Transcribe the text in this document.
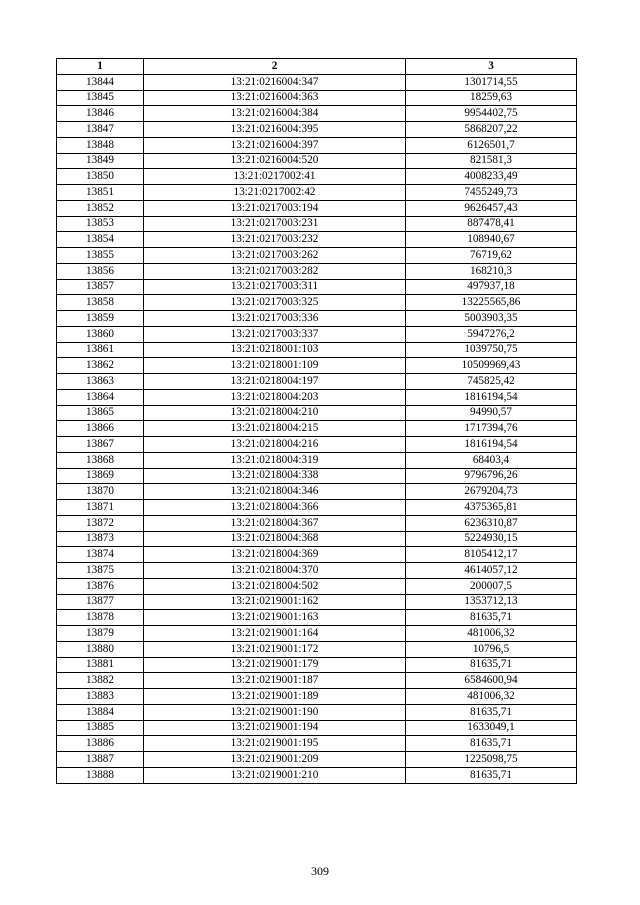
1	2	3
13844	13:21:0216004:347	1301714,55
13845	13:21:0216004:363	18259,63
13846	13:21:0216004:384	9954402,75
13847	13:21:0216004:395	5868207,22
13848	13:21:0216004:397	6126501,7
13849	13:21:0216004:520	821581,3
13850	13:21:0217002:41	4008233,49
13851	13:21:0217002:42	7455249,73
13852	13:21:0217003:194	9626457,43
13853	13:21:0217003:231	887478,41
13854	13:21:0217003:232	108940,67
13855	13:21:0217003:262	76719,62
13856	13:21:0217003:282	168210,3
13857	13:21:0217003:311	497937,18
13858	13:21:0217003:325	13225565,86
13859	13:21:0217003:336	5003903,35
13860	13:21:0217003:337	5947276,2
13861	13:21:0218001:103	1039750,75
13862	13:21:0218001:109	10509969,43
13863	13:21:0218004:197	745825,42
13864	13:21:0218004:203	1816194,54
13865	13:21:0218004:210	94990,57
13866	13:21:0218004:215	1717394,76
13867	13:21:0218004:216	1816194,54
13868	13:21:0218004:319	68403,4
13869	13:21:0218004:338	9796796,26
13870	13:21:0218004:346	2679204,73
13871	13:21:0218004:366	4375365,81
13872	13:21:0218004:367	6236310,87
13873	13:21:0218004:368	5224930,15
13874	13:21:0218004:369	8105412,17
13875	13:21:0218004:370	4614057,12
13876	13:21:0218004:502	200007,5
13877	13:21:0219001:162	1353712,13
13878	13:21:0219001:163	81635,71
13879	13:21:0219001:164	481006,32
13880	13:21:0219001:172	10796,5
13881	13:21:0219001:179	81635,71
13882	13:21:0219001:187	6584600,94
13883	13:21:0219001:189	481006,32
13884	13:21:0219001:190	81635,71
13885	13:21:0219001:194	1633049,1
13886	13:21:0219001:195	81635,71
13887	13:21:0219001:209	1225098,75
13888	13:21:0219001:210	81635,71
309
